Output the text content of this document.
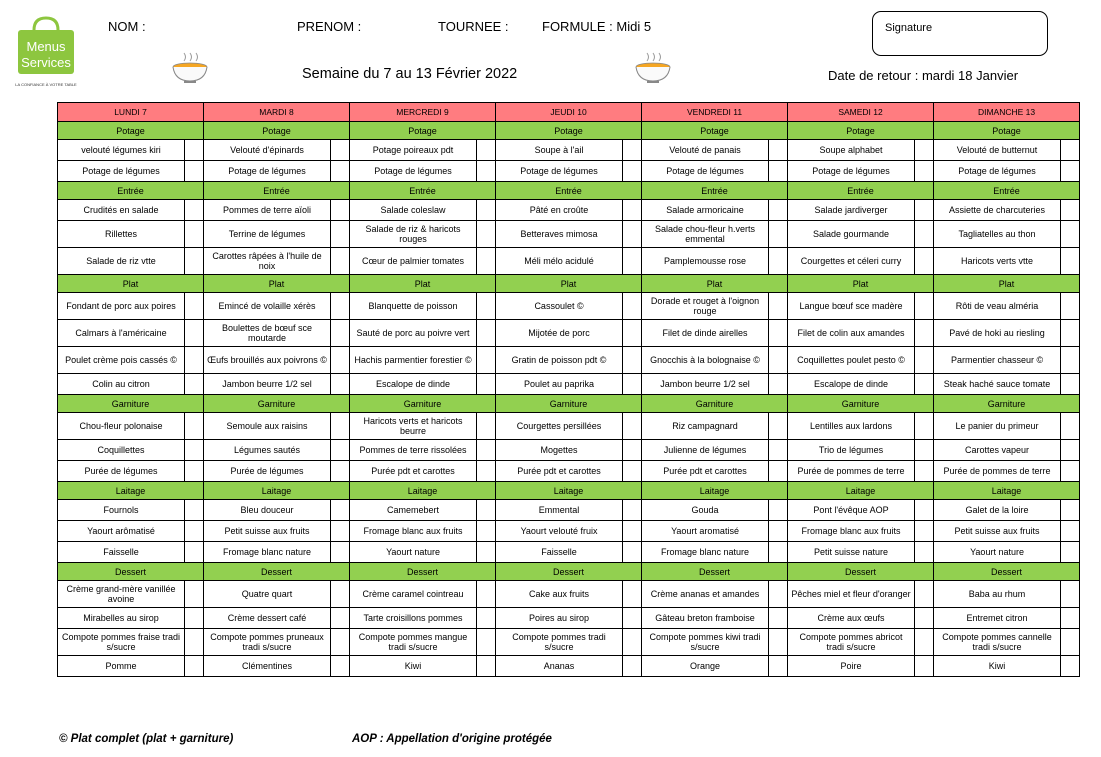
Menus
Services
LA CONFIANCE À VOTRE TABLE
NOM :	PRENOM :	TOURNEE :	FORMULE : Midi 5	Signature
Semaine du 7 au 13 Février 2022	Date de retour : mardi 18 Janvier
LUNDI 7		MARDI 8		MERCREDI 9		JEUDI 10		VENDREDI 11		SAMEDI 12		DIMANCHE 13	
Potage		Potage		Potage		Potage		Potage		Potage		Potage	
velouté légumes kiri		Velouté d'épinards		Potage poireaux pdt		Soupe à l'ail		Velouté de panais		Soupe alphabet		Velouté de butternut	
Potage de légumes		Potage de légumes		Potage de légumes		Potage de légumes		Potage de légumes		Potage de légumes		Potage de légumes	
Entrée		Entrée		Entrée		Entrée		Entrée		Entrée		Entrée	
Crudités en salade		Pommes de terre aïoli		Salade coleslaw		Pâté en croûte		Salade armoricaine		Salade jardiverger		Assiette de charcuteries	
Rillettes		Terrine de légumes		Salade de riz & haricots rouges		Betteraves mimosa		Salade chou-fleur h.verts emmental		Salade gourmande		Tagliatelles au thon	
Salade de riz vtte		Carottes râpées à l'huile de noix		Cœur de palmier tomates		Méli mélo acidulé		Pamplemousse rose		Courgettes et céleri curry		Haricots verts vtte	
Plat		Plat		Plat		Plat		Plat		Plat		Plat	
Fondant de porc aux poires		Emincé de volaille xérès		Blanquette de poisson		Cassoulet ©		Dorade et rouget à l'oignon rouge		Langue bœuf sce madère		Rôti de veau alméria	
Calmars à l'américaine		Boulettes de bœuf sce moutarde		Sauté de porc au poivre vert		Mijotée de porc		Filet de dinde airelles		Filet de colin aux amandes		Pavé de hoki au riesling	
Poulet crème pois cassés ©		Œufs brouillés aux poivrons ©		Hachis parmentier forestier ©		Gratin de poisson pdt ©		Gnocchis à la bolognaise ©		Coquillettes poulet pesto ©		Parmentier chasseur ©	
Colin au citron		Jambon beurre 1/2 sel		Escalope de dinde		Poulet au paprika		Jambon beurre 1/2 sel		Escalope de dinde		Steak haché sauce tomate	
Garniture		Garniture		Garniture		Garniture		Garniture		Garniture		Garniture	
Chou-fleur polonaise		Semoule aux raisins		Haricots verts et haricots beurre		Courgettes persillées		Riz campagnard		Lentilles aux lardons		Le panier du primeur	
Coquillettes		Légumes sautés		Pommes de terre rissolées		Mogettes		Julienne de légumes		Trio de légumes		Carottes vapeur	
Purée de légumes		Purée de légumes		Purée pdt et carottes		Purée pdt et carottes		Purée pdt et carottes		Purée de pommes de terre		Purée de pommes de terre	
Laitage		Laitage		Laitage		Laitage		Laitage		Laitage		Laitage	
Fournols		Bleu douceur		Camemebert		Emmental		Gouda		Pont l'évêque AOP		Galet de la loire	
Yaourt arômatisé		Petit suisse aux fruits		Fromage blanc aux fruits		Yaourt velouté fruix		Yaourt aromatisé		Fromage blanc aux fruits		Petit suisse aux fruits	
Faisselle		Fromage blanc nature		Yaourt nature		Faisselle		Fromage blanc nature		Petit suisse nature		Yaourt nature	
Dessert		Dessert		Dessert		Dessert		Dessert		Dessert		Dessert	
Crème grand-mère vanillée avoine		Quatre quart		Crème caramel cointreau		Cake aux fruits		Crème ananas et amandes		Pêches miel et fleur d'oranger		Baba au rhum	
Mirabelles au sirop		Crème dessert café		Tarte croisillons pommes		Poires au sirop		Gâteau breton framboise		Crème aux œufs		Entremet citron	
Compote pommes fraise tradi s/sucre		Compote pommes pruneaux tradi s/sucre		Compote pommes mangue tradi s/sucre		Compote pommes tradi s/sucre		Compote pommes kiwi tradi s/sucre		Compote pommes abricot tradi s/sucre		Compote pommes cannelle tradi s/sucre	
Pomme		Clémentines		Kiwi		Ananas		Orange		Poire		Kiwi	
© Plat complet (plat + garniture)	AOP : Appellation d'origine protégée
